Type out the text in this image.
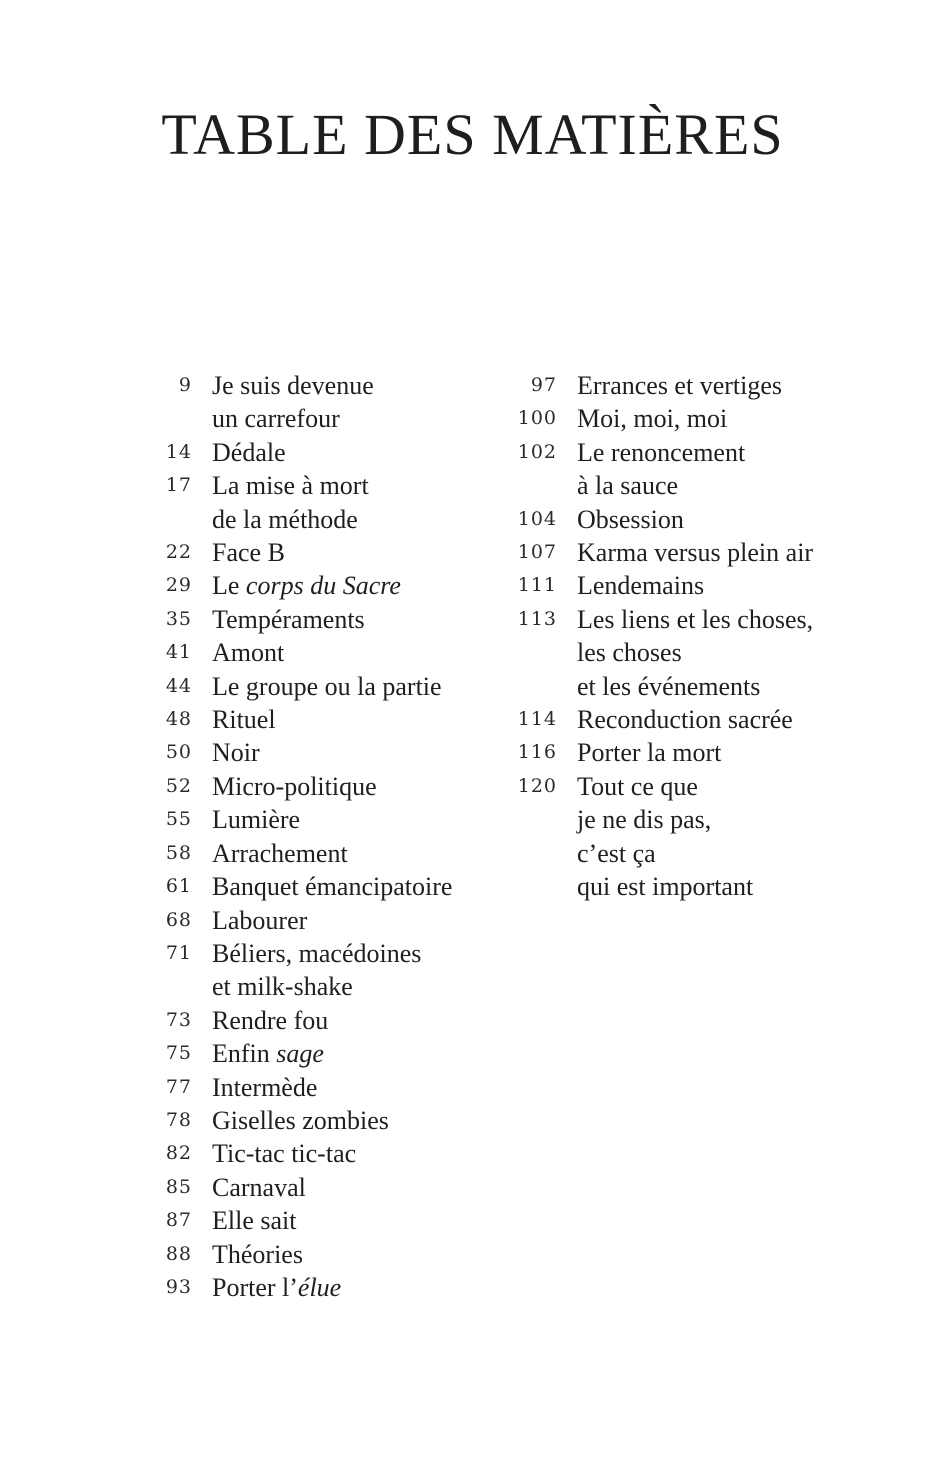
TABLE DES MATIÈRES
9 Je suis devenue
un carrefour
14 Dédale
17 La mise à mort
de la méthode
22 Face B
29 Le corps du Sacre
35 Tempéraments
41 Amont
44 Le groupe ou la partie
48 Rituel
50 Noir
52 Micro-politique
55 Lumière
58 Arrachement
61 Banquet émancipatoire
68 Labourer
71 Béliers, macédoines
et milk-shake
73 Rendre fou
75 Enfin sage
77 Intermède
78 Giselles zombies
82 Tic-tac tic-tac
85 Carnaval
87 Elle sait
88 Théories
93 Porter l’élue
97 Errances et vertiges
100 Moi, moi, moi
102 Le renoncement
à la sauce
104 Obsession
107 Karma versus plein air
111 Lendemains
113 Les liens et les choses,
les choses
et les événements
114 Reconduction sacrée
116 Porter la mort
120 Tout ce que
je ne dis pas,
c’est ça
qui est important
